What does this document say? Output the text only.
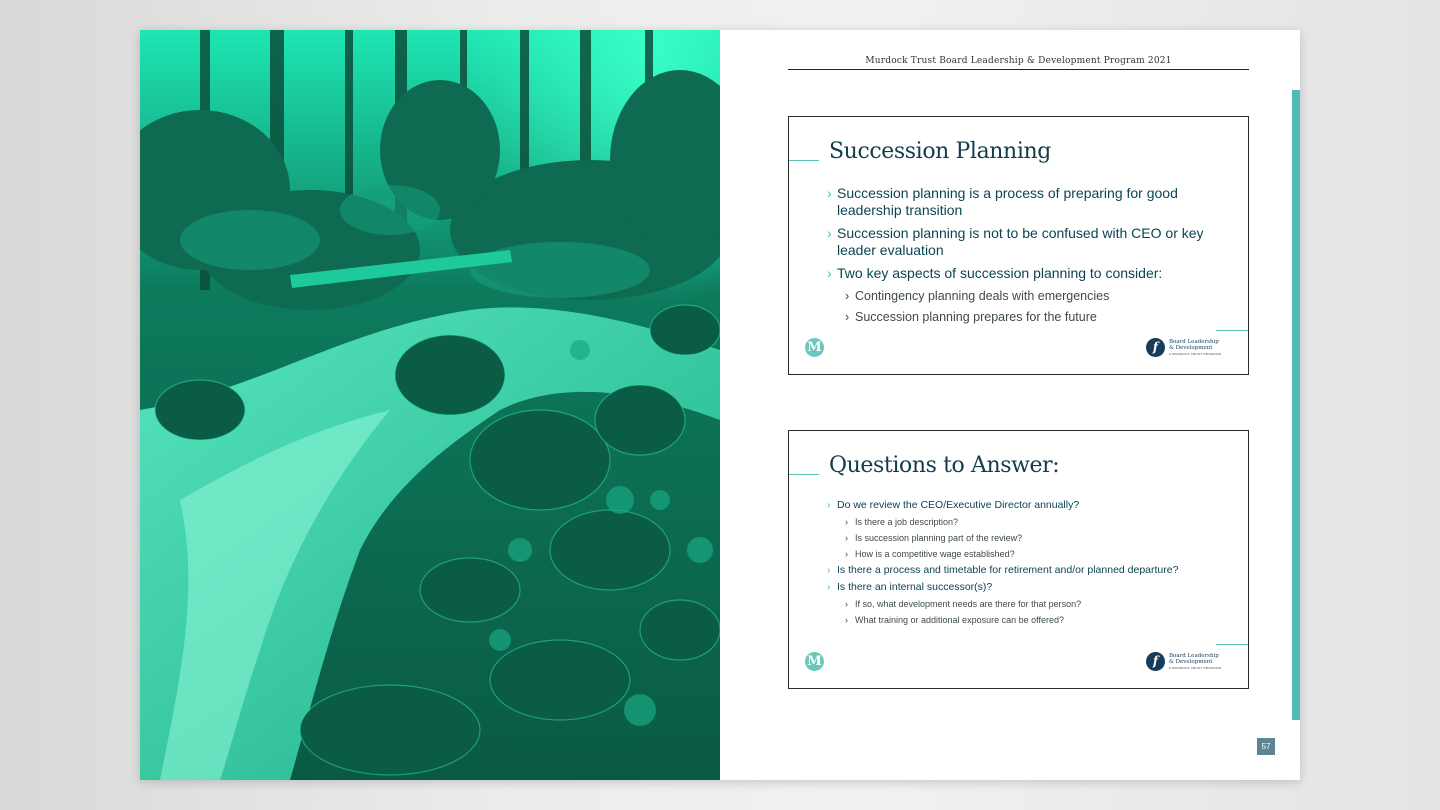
Murdock Trust Board Leadership & Development Program 2021
Succession Planning
› Succession planning is a process of preparing for good leadership transition
› Succession planning is not to be confused with CEO or key leader evaluation
› Two key aspects of succession planning to consider:
› Contingency planning deals with emergencies
› Succession planning prepares for the future
M	f	Board Leadership
& Development
A MURDOCK TRUST PROGRAM
Questions to Answer:
› Do we review the CEO/Executive Director annually?
› Is there a job description?
› Is succession planning part of the review?
› How is a competitive wage established?
› Is there a process and timetable for retirement and/or planned departure?
› Is there an internal successor(s)?
› If so, what development needs are there for that person?
› What training or additional exposure can be offered?
M	f	Board Leadership
& Development
A MURDOCK TRUST PROGRAM
57
